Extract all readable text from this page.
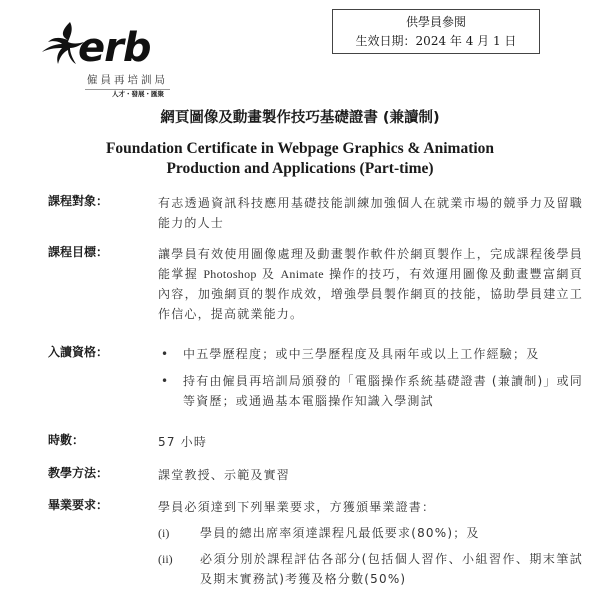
erb
僱員再培訓局
人才・發展・匯聚
供學員參閱
生效日期：2024 年 4 月 1 日
網頁圖像及動畫製作技巧基礎證書 (兼讀制)
Foundation Certificate in Webpage Graphics & Animation
Production and Applications (Part-time)
課程對象：	有志透過資訊科技應用基礎技能訓練加強個人在就業市場的競爭力及留職能力的人士
課程目標：	讓學員有效使用圖像處理及動畫製作軟件於網頁製作上，完成課程後學員能掌握 Photoshop 及 Animate 操作的技巧，有效運用圖像及動畫豐富網頁內容，加強網頁的製作成效，增強學員製作網頁的技能，協助學員建立工作信心，提高就業能力。
入讀資格：	• 中五學歷程度；或中三學歷程度及具兩年或以上工作經驗；及
• 持有由僱員再培訓局頒發的「電腦操作系統基礎證書 (兼讀制)」或同等資歷；或通過基本電腦操作知識入學測試
時數：	57 小時
教學方法：	課堂教授、示範及實習
畢業要求：	學員必須達到下列畢業要求，方獲頒畢業證書：
(i)	學員的總出席率須達課程凡最低要求(80%)；及
(ii) 必須分別於課程評估各部分(包括個人習作、小組習作、期末筆試及期末實務試)考獲及格分數(50%)
